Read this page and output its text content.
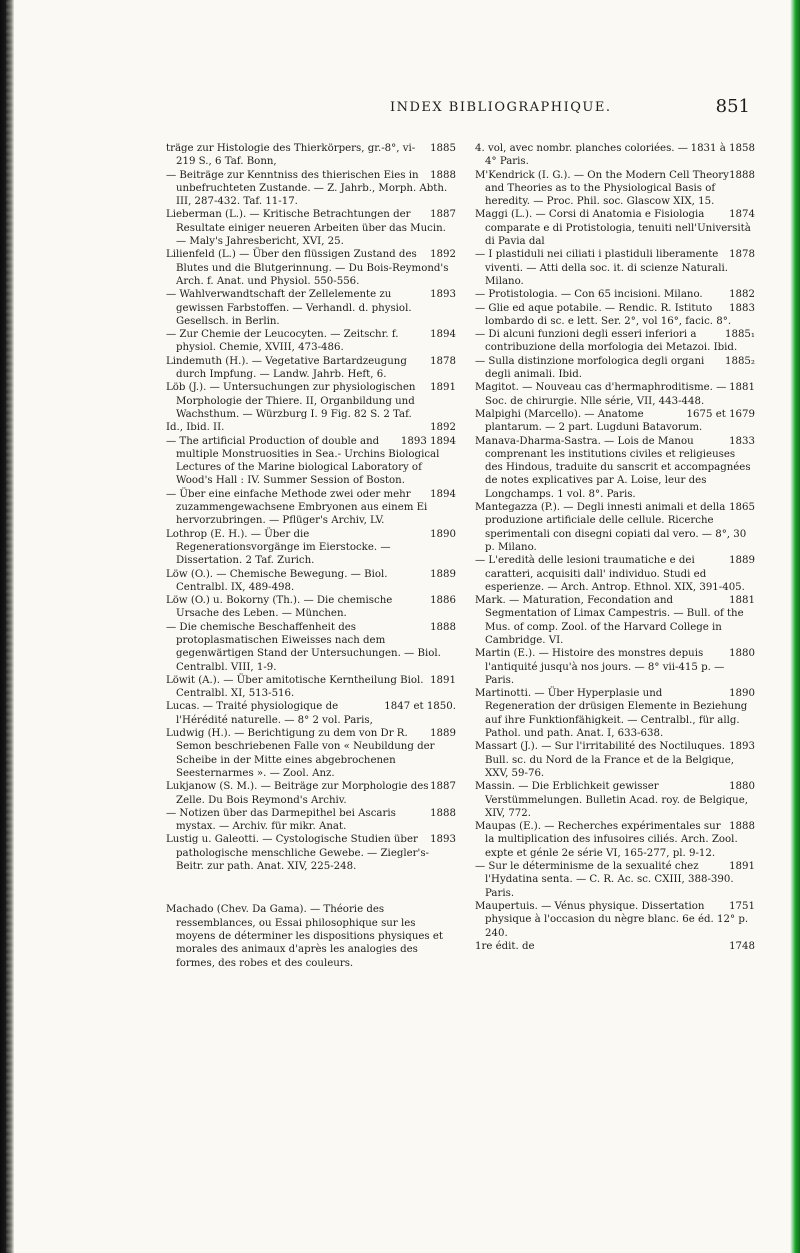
INDEX BIBLIOGRAPHIQUE.	851

1885
träge zur Histologie des Thierkörpers, gr.-8°, vi-219 S., 6 Taf. Bonn,

1888
— Beiträge zur Kenntniss des thierischen Eies in unbefruchteten Zustande. — Z. Jahrb., Morph. Abth. III, 287-432. Taf. 11-17.

1887
Lieberman (L.). — Kritische Betrachtungen der Resultate einiger neueren Arbeiten über das Mucin. — Maly's Jahresbericht, XVI, 25.

1892
Lilienfeld (L.) — Über den flüssigen Zustand des Blutes und die Blutgerinnung. — Du Bois-Reymond's Arch. f. Anat. und Physiol. 550-556.

1893
— Wahlverwandtschaft der Zellelemente zu gewissen Farbstoffen. — Verhandl. d. physiol. Gesellsch. in Berlin.

1894
— Zur Chemie der Leucocyten. — Zeitschr. f. physiol. Chemie, XVIII, 473-486.

1878
Lindemuth (H.). — Vegetative Bartardzeugung durch Impfung. — Landw. Jahrb. Heft, 6.

1891
Löb (J.). — Untersuchungen zur physiologischen Morphologie der Thiere. II, Organbildung und Wachsthum. — Würzburg I. 9 Fig. 82 S. 2 Taf.

1892
Id., Ibid. II.

1893 1894
— The artificial Production of double and multiple Monstruosities in Sea.- Urchins Biological Lectures of the Marine biological Laboratory of Wood's Hall : IV. Summer Session of Boston.

1894
— Über eine einfache Methode zwei oder mehr zuzammengewachsene Embryonen aus einem Ei hervorzubringen. — Pflüger's Archiv, LV.

1890
Lothrop (E. H.). — Über die Regenerationsvorgänge im Eierstocke. — Dissertation. 2 Taf. Zurich.

1889
Löw (O.). — Chemische Bewegung. — Biol. Centralbl. IX, 489-498.

1886
Löw (O.) u. Bokorny (Th.). — Die chemische Ursache des Leben. — München.

1888
— Die chemische Beschaffenheit des protoplasmatischen Eiweisses nach dem gegenwärtigen Stand der Untersuchungen. — Biol. Centralbl. VIII, 1-9.

1891
Löwit (A.). — Über amitotische Kerntheilung Biol. Centralbl. XI, 513-516.

1847 et 1850.
Lucas. — Traité physiologique de l'Hérédité naturelle. — 8° 2 vol. Paris,

1889
Ludwig (H.). — Berichtigung zu dem von Dr R. Semon beschriebenen Falle von « Neubildung der Scheibe in der Mitte eines abgebrochenen Seesternarmes ». — Zool. Anz.

1887
Lukjanow (S. M.). — Beiträge zur Morphologie des Zelle. Du Bois Reymond's Archiv.

1888
— Notizen über das Darmepithel bei Ascaris mystax. — Archiv. für mikr. Anat.

1893
Lustig u. Galeotti. — Cystologische Studien über pathologische menschliche Gewebe. — Ziegler's-Beitr. zur path. Anat. XIV, 225-248.

Machado (Chev. Da Gama). — Théorie des ressemblances, ou Essai philosophique sur les moyens de déterminer les dispositions physiques et morales des animaux d'après les analogies des formes, des robes et des couleurs.

1831 à 1858
4. vol, avec nombr. planches coloriées. — 4° Paris.

1888
M'Kendrick (I. G.). — On the Modern Cell Theory and Theories as to the Physiological Basis of heredity. — Proc. Phil. soc. Glascow XIX, 15.

1874
Maggi (L.). — Corsi di Anatomia e Fisiologia comparate e di Protistologia, tenuiti nell'Università di Pavia dal

1878
— I plastiduli nei ciliati i plastiduli liberamente viventi. — Atti della soc. it. di scienze Naturali. Milano.

1882
— Protistologia. — Con 65 incisioni. Milano.

1883
— Glie ed aque potabile. — Rendic. R. Istituto lombardo di sc. e lett. Ser. 2°, vol 16°, facic. 8°.

1885₁
— Di alcuni funzioni degli esseri inferiori a contribuzione della morfologia dei Metazoi. Ibid.

1885₂
— Sulla distinzione morfologica degli organi degli animali. Ibid.

1881
Magitot. — Nouveau cas d'hermaphroditisme. — Soc. de chirurgie. Nlle série, VII, 443-448.

1675 et 1679
Malpighi (Marcello). — Anatome plantarum. — 2 part. Lugduni Batavorum.

1833
Manava-Dharma-Sastra. — Lois de Manou comprenant les institutions civiles et religieuses des Hindous, traduite du sanscrit et accompagnées de notes explicatives par A. Loise, leur des Longchamps. 1 vol. 8°. Paris.

1865
Mantegazza (P.). — Degli innesti animali et della produzione artificiale delle cellule. Ricerche sperimentali con disegni copiati dal vero. — 8°, 30 p. Milano.

1889
— L'eredità delle lesioni traumatiche e dei caratteri, acquisiti dall' individuo. Studi ed esperienze. — Arch. Antrop. Ethnol. XIX, 391-405.

1881
Mark. — Maturation, Fecondation and Segmentation of Limax Campestris. — Bull. of the Mus. of comp. Zool. of the Harvard College in Cambridge. VI.

1880
Martin (E.). — Histoire des monstres depuis l'antiquité jusqu'à nos jours. — 8° vii-415 p. — Paris.

1890
Martinotti. — Über Hyperplasie und Regeneration der drüsigen Elemente in Beziehung auf ihre Funktionfähigkeit. — Centralbl., für allg. Pathol. und path. Anat. I, 633-638.

1893
Massart (J.). — Sur l'irritabilité des Noctiluques. Bull. sc. du Nord de la France et de la Belgique, XXV, 59-76.

1880
Massin. — Die Erblichkeit gewisser Verstümmelungen. Bulletin Acad. roy. de Belgique, XIV, 772.

1888
Maupas (E.). — Recherches expérimentales sur la multiplication des infusoires ciliés. Arch. Zool. expte et génle 2e série VI, 165-277, pl. 9-12.

1891
— Sur le déterminisme de la sexualité chez l'Hydatina senta. — C. R. Ac. sc. CXIII, 388-390. Paris.

1751
Maupertuis. — Vénus physique. Dissertation physique à l'occasion du nègre blanc. 6e éd. 12° p. 240.

1748
1re édit. de
